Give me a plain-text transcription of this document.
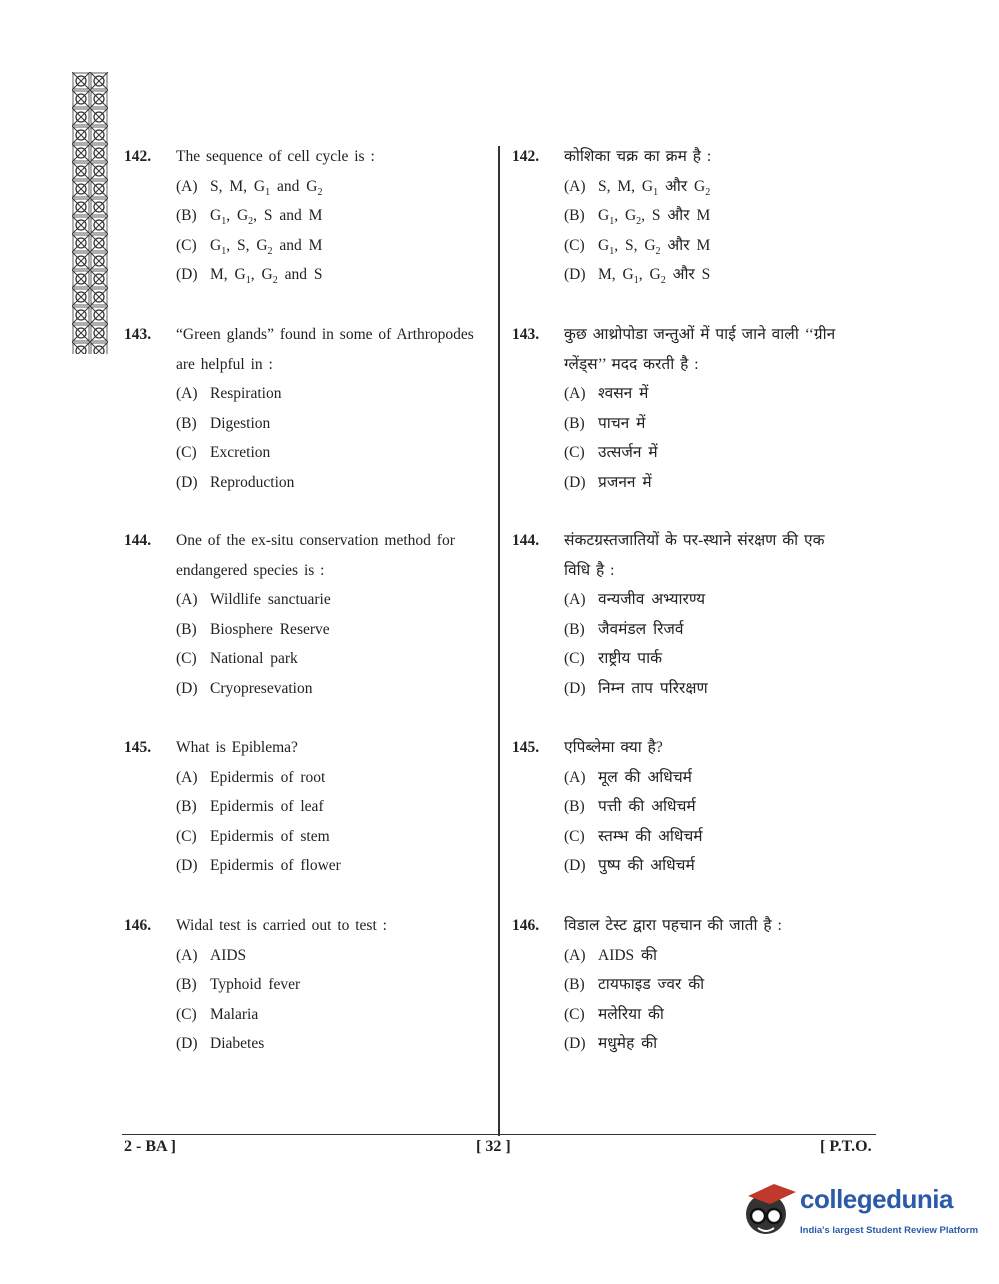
142. The sequence of cell cycle is :
(A) S, M, $G_1$ and $G_2$
(B) $G_1$, $G_2$, S and M
(C) $G_1$, S, $G_2$ and M
(D) M, $G_1$, $G_2$ and S
143. “Green glands” found in some of Arthropodes
are helpful in :
(A) Respiration
(B) Digestion
(C) Excretion
(D) Reproduction
144. One of the ex-situ conservation method for
endangered species is :
(A) Wildlife sanctuarie
(B) Biosphere Reserve
(C) National park
(D) Cryopresevation
145. What is Epiblema?
(A) Epidermis of root
(B) Epidermis of leaf
(C) Epidermis of stem
(D) Epidermis of flower
146. Widal test is carried out to test :
(A) AIDS
(B) Typhoid fever
(C) Malaria
(D) Diabetes
142. कोशिका चक्र का क्रम है :
(A) S, M, $G_1$ और $G_2$
(B) $G_1$, $G_2$, S और M
(C) $G_1$, S, $G_2$ और M
(D) M, $G_1$, $G_2$ और S
143. कुछ आथ्रोपोडा जन्तुओं में पाई जाने वाली ‘‘ग्रीन
ग्लेंड्स’’ मदद करती है :
(A) श्वसन में
(B) पाचन में
(C) उत्सर्जन में
(D) प्रजनन में
144. संकटग्रस्तजातियों के पर-स्थाने संरक्षण की एक
विधि है :
(A) वन्यजीव अभ्यारण्य
(B) जैवमंडल रिजर्व
(C) राष्ट्रीय पार्क
(D) निम्न ताप परिरक्षण
145. एपिब्लेमा क्या है?
(A) मूल की अधिचर्म
(B) पत्ती की अधिचर्म
(C) स्तम्भ की अधिचर्म
(D) पुष्प की अधिचर्म
146. विडाल टेस्ट द्वारा पहचान की जाती है :
(A) AIDS की
(B) टायफाइड ज्वर की
(C) मलेरिया की
(D) मधुमेह की
2 - BA ]	[ 32 ]	[ P.T.O.
collegedunia
India's largest Student Review Platform
